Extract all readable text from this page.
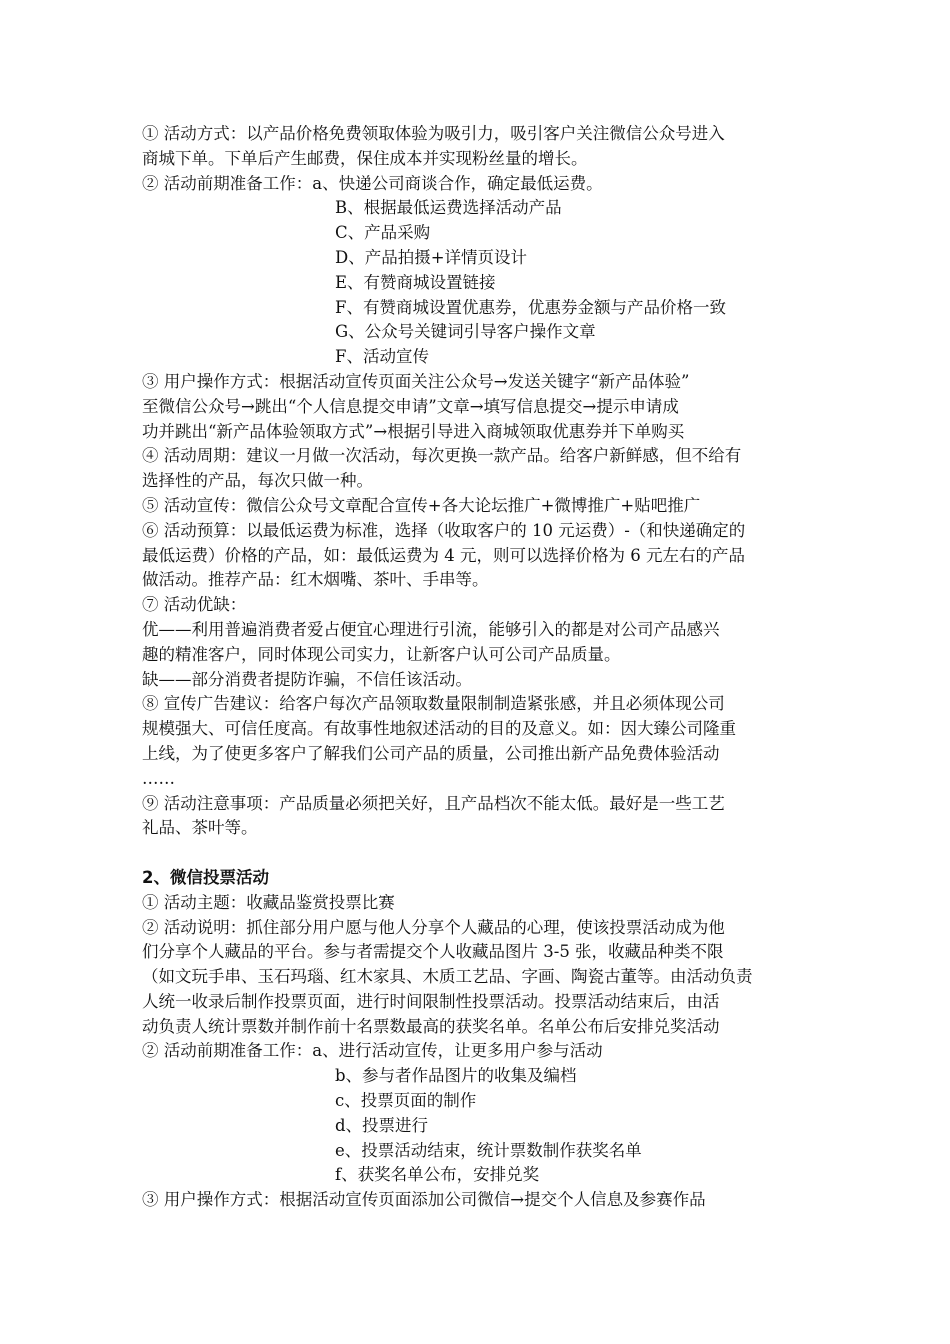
① 活动方式：以产品价格免费领取体验为吸引力，吸引客户关注微信公众号进入
商城下单。下单后产生邮费，保住成本并实现粉丝量的增长。
② 活动前期准备工作：a、快递公司商谈合作，确定最低运费。
B、根据最低运费选择活动产品
C、产品采购
D、产品拍摄+详情页设计
E、有赞商城设置链接
F、有赞商城设置优惠券，优惠券金额与产品价格一致
G、公众号关键词引导客户操作文章
F、活动宣传
③ 用户操作方式：根据活动宣传页面关注公众号→发送关键字“新产品体验”
至微信公众号→跳出“个人信息提交申请”文章→填写信息提交→提示申请成
功并跳出“新产品体验领取方式”→根据引导进入商城领取优惠券并下单购买
④ 活动周期：建议一月做一次活动，每次更换一款产品。给客户新鲜感，但不给有
选择性的产品，每次只做一种。
⑤ 活动宣传：微信公众号文章配合宣传+各大论坛推广+微博推广+贴吧推广
⑥ 活动预算：以最低运费为标准，选择（收取客户的 10 元运费）-（和快递确定的
最低运费）价格的产品，如：最低运费为 4 元，则可以选择价格为 6 元左右的产品
做活动。推荐产品：红木烟嘴、茶叶、手串等。
⑦ 活动优缺：
优——利用普遍消费者爱占便宜心理进行引流，能够引入的都是对公司产品感兴
趣的精准客户，同时体现公司实力，让新客户认可公司产品质量。
缺——部分消费者提防诈骗，不信任该活动。
⑧ 宣传广告建议：给客户每次产品领取数量限制制造紧张感，并且必须体现公司
规模强大、可信任度高。有故事性地叙述活动的目的及意义。如：因大臻公司隆重
上线，为了使更多客户了解我们公司产品的质量，公司推出新产品免费体验活动
……
⑨ 活动注意事项：产品质量必须把关好，且产品档次不能太低。最好是一些工艺
礼品、茶叶等。
2、微信投票活动
① 活动主题：收藏品鉴赏投票比赛
② 活动说明：抓住部分用户愿与他人分享个人藏品的心理，使该投票活动成为他
们分享个人藏品的平台。参与者需提交个人收藏品图片 3-5 张，收藏品种类不限
（如文玩手串、玉石玛瑙、红木家具、木质工艺品、字画、陶瓷古董等。由活动负责
人统一收录后制作投票页面，进行时间限制性投票活动。投票活动结束后，由活
动负责人统计票数并制作前十名票数最高的获奖名单。名单公布后安排兑奖活动
② 活动前期准备工作：a、进行活动宣传，让更多用户参与活动
b、参与者作品图片的收集及编档
c、投票页面的制作
d、投票进行
e、投票活动结束，统计票数制作获奖名单
f、获奖名单公布，安排兑奖
③ 用户操作方式：根据活动宣传页面添加公司微信→提交个人信息及参赛作品
